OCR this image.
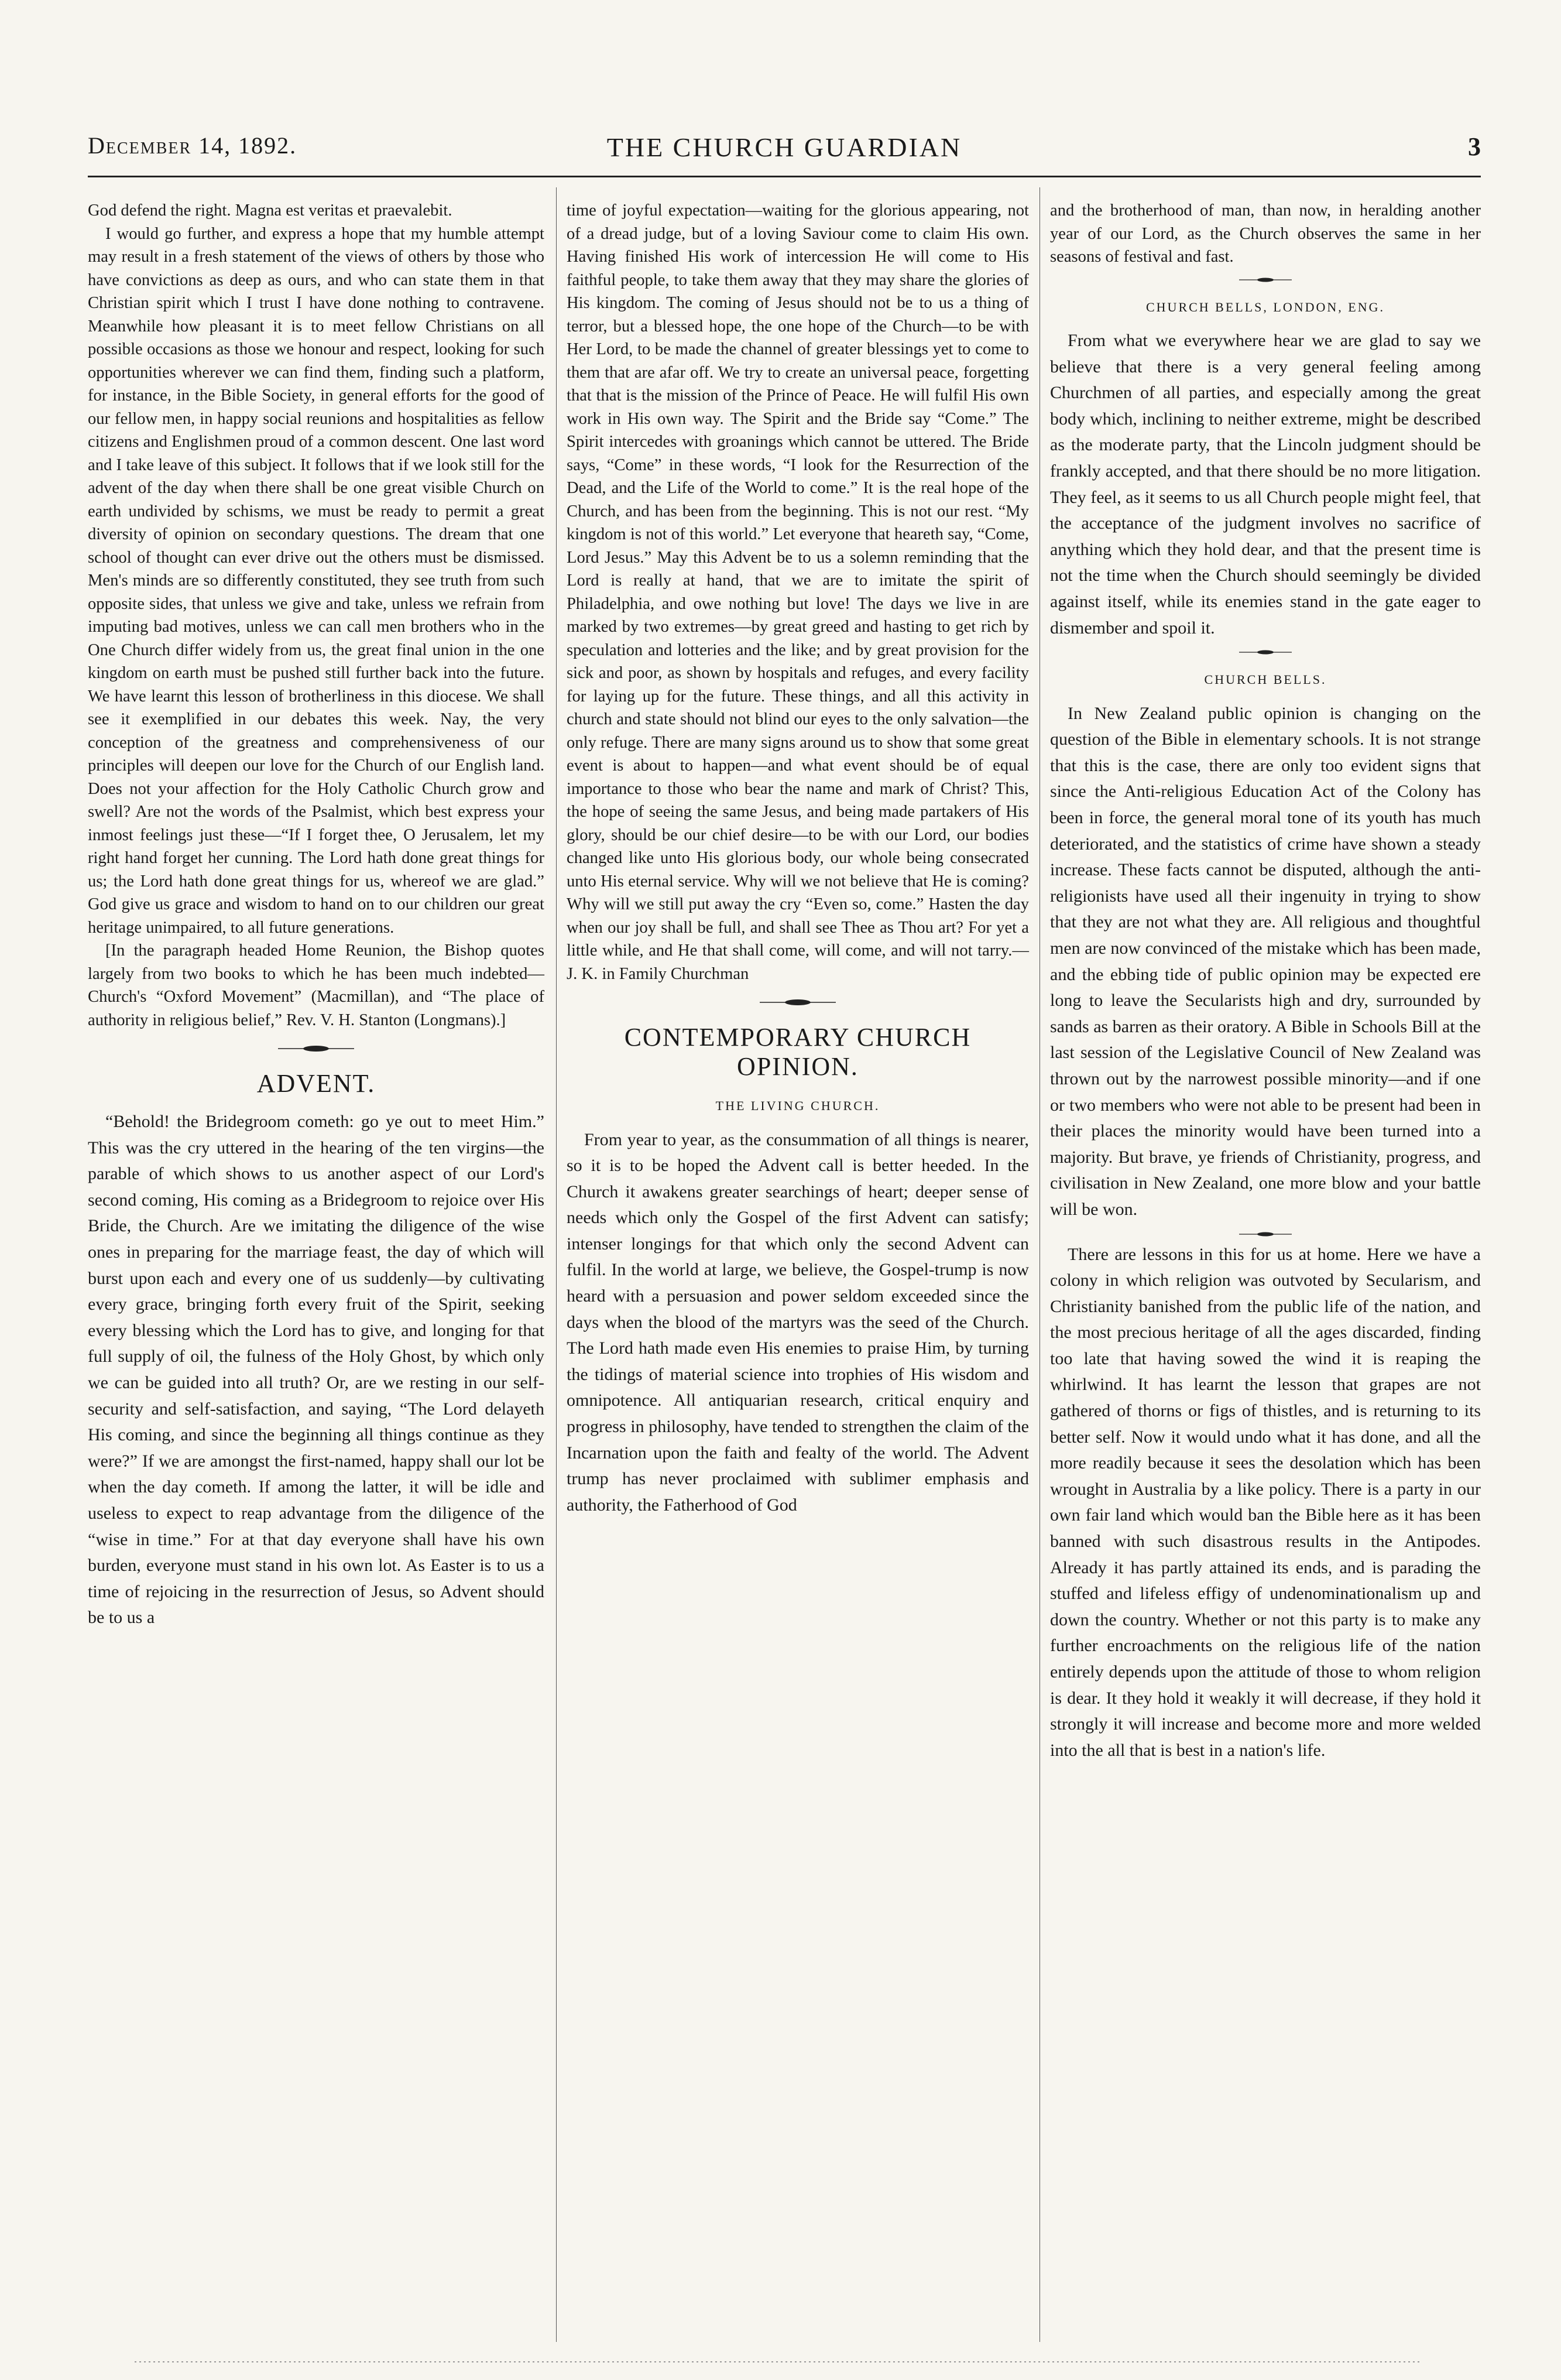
December 14, 1892.	THE CHURCH GUARDIAN	3

God defend the right. Magna est veritas et praevalebit.

I would go further, and express a hope that my humble attempt may result in a fresh statement of the views of others by those who have convictions as deep as ours, and who can state them in that Christian spirit which I trust I have done nothing to contravene. Meanwhile how pleasant it is to meet fellow Christians on all possible occasions as those we honour and respect, looking for such opportunities wherever we can find them, finding such a platform, for instance, in the Bible Society, in general efforts for the good of our fellow men, in happy social reunions and hospitalities as fellow citizens and Englishmen proud of a common descent. One last word and I take leave of this subject. It follows that if we look still for the advent of the day when there shall be one great visible Church on earth undivided by schisms, we must be ready to permit a great diversity of opinion on secondary questions. The dream that one school of thought can ever drive out the others must be dismissed. Men's minds are so differently constituted, they see truth from such opposite sides, that unless we give and take, unless we refrain from imputing bad motives, unless we can call men brothers who in the One Church differ widely from us, the great final union in the one kingdom on earth must be pushed still further back into the future. We have learnt this lesson of brotherliness in this diocese. We shall see it exemplified in our debates this week. Nay, the very conception of the greatness and comprehensiveness of our principles will deepen our love for the Church of our English land. Does not your affection for the Holy Catholic Church grow and swell? Are not the words of the Psalmist, which best express your inmost feelings just these—“If I forget thee, O Jerusalem, let my right hand forget her cunning. The Lord hath done great things for us; the Lord hath done great things for us, whereof we are glad.” God give us grace and wisdom to hand on to our children our great heritage unimpaired, to all future generations.

[In the paragraph headed Home Reunion, the Bishop quotes largely from two books to which he has been much indebted—Church's “Oxford Movement” (Macmillan), and “The place of authority in religious belief,” Rev. V. H. Stanton (Longmans).]

ADVENT.

“Behold! the Bridegroom cometh: go ye out to meet Him.” This was the cry uttered in the hearing of the ten virgins—the parable of which shows to us another aspect of our Lord's second coming, His coming as a Bridegroom to rejoice over His Bride, the Church. Are we imitating the diligence of the wise ones in preparing for the marriage feast, the day of which will burst upon each and every one of us suddenly—by cultivating every grace, bringing forth every fruit of the Spirit, seeking every blessing which the Lord has to give, and longing for that full supply of oil, the fulness of the Holy Ghost, by which only we can be guided into all truth? Or, are we resting in our self-security and self-satisfaction, and saying, “The Lord delayeth His coming, and since the beginning all things continue as they were?” If we are amongst the first-named, happy shall our lot be when the day cometh. If among the latter, it will be idle and useless to expect to reap advantage from the diligence of the “wise in time.” For at that day everyone shall have his own burden, everyone must stand in his own lot. As Easter is to us a time of rejoicing in the resurrection of Jesus, so Advent should be to us a

time of joyful expectation—waiting for the glorious appearing, not of a dread judge, but of a loving Saviour come to claim His own. Having finished His work of intercession He will come to His faithful people, to take them away that they may share the glories of His kingdom. The coming of Jesus should not be to us a thing of terror, but a blessed hope, the one hope of the Church—to be with Her Lord, to be made the channel of greater blessings yet to come to them that are afar off. We try to create an universal peace, forgetting that that is the mission of the Prince of Peace. He will fulfil His own work in His own way. The Spirit and the Bride say “Come.” The Spirit intercedes with groanings which cannot be uttered. The Bride says, “Come” in these words, “I look for the Resurrection of the Dead, and the Life of the World to come.” It is the real hope of the Church, and has been from the beginning. This is not our rest. “My kingdom is not of this world.” Let everyone that heareth say, “Come, Lord Jesus.” May this Advent be to us a solemn reminding that the Lord is really at hand, that we are to imitate the spirit of Philadelphia, and owe nothing but love! The days we live in are marked by two extremes—by great greed and hasting to get rich by speculation and lotteries and the like; and by great provision for the sick and poor, as shown by hospitals and refuges, and every facility for laying up for the future. These things, and all this activity in church and state should not blind our eyes to the only salvation—the only refuge. There are many signs around us to show that some great event is about to happen—and what event should be of equal importance to those who bear the name and mark of Christ? This, the hope of seeing the same Jesus, and being made partakers of His glory, should be our chief desire—to be with our Lord, our bodies changed like unto His glorious body, our whole being consecrated unto His eternal service. Why will we not believe that He is coming? Why will we still put away the cry “Even so, come.” Hasten the day when our joy shall be full, and shall see Thee as Thou art? For yet a little while, and He that shall come, will come, and will not tarry.—J. K. in Family Churchman

CONTEMPORARY CHURCH OPINION.
THE LIVING CHURCH.

From year to year, as the consummation of all things is nearer, so it is to be hoped the Advent call is better heeded. In the Church it awakens greater searchings of heart; deeper sense of needs which only the Gospel of the first Advent can satisfy; intenser longings for that which only the second Advent can fulfil. In the world at large, we believe, the Gospel-trump is now heard with a persuasion and power seldom exceeded since the days when the blood of the martyrs was the seed of the Church. The Lord hath made even His enemies to praise Him, by turning the tidings of material science into trophies of His wisdom and omnipotence. All antiquarian research, critical enquiry and progress in philosophy, have tended to strengthen the claim of the Incarnation upon the faith and fealty of the world. The Advent trump has never proclaimed with sublimer emphasis and authority, the Fatherhood of God

and the brotherhood of man, than now, in heralding another year of our Lord, as the Church observes the same in her seasons of festival and fast.

CHURCH BELLS, LONDON, ENG.

From what we everywhere hear we are glad to say we believe that there is a very general feeling among Churchmen of all parties, and especially among the great body which, inclining to neither extreme, might be described as the moderate party, that the Lincoln judgment should be frankly accepted, and that there should be no more litigation. They feel, as it seems to us all Church people might feel, that the acceptance of the judgment involves no sacrifice of anything which they hold dear, and that the present time is not the time when the Church should seemingly be divided against itself, while its enemies stand in the gate eager to dismember and spoil it.

CHURCH BELLS.

In New Zealand public opinion is changing on the question of the Bible in elementary schools. It is not strange that this is the case, there are only too evident signs that since the Anti-religious Education Act of the Colony has been in force, the general moral tone of its youth has much deteriorated, and the statistics of crime have shown a steady increase. These facts cannot be disputed, although the anti-religionists have used all their ingenuity in trying to show that they are not what they are. All religious and thoughtful men are now convinced of the mistake which has been made, and the ebbing tide of public opinion may be expected ere long to leave the Secularists high and dry, surrounded by sands as barren as their oratory. A Bible in Schools Bill at the last session of the Legislative Council of New Zealand was thrown out by the narrowest possible minority—and if one or two members who were not able to be present had been in their places the minority would have been turned into a majority. But brave, ye friends of Christianity, progress, and civilisation in New Zealand, one more blow and your battle will be won.

There are lessons in this for us at home. Here we have a colony in which religion was outvoted by Secularism, and Christianity banished from the public life of the nation, and the most precious heritage of all the ages discarded, finding too late that having sowed the wind it is reaping the whirlwind. It has learnt the lesson that grapes are not gathered of thorns or figs of thistles, and is returning to its better self. Now it would undo what it has done, and all the more readily because it sees the desolation which has been wrought in Australia by a like policy. There is a party in our own fair land which would ban the Bible here as it has been banned with such disastrous results in the Antipodes. Already it has partly attained its ends, and is parading the stuffed and lifeless effigy of undenominationalism up and down the country. Whether or not this party is to make any further encroachments on the religious life of the nation entirely depends upon the attitude of those to whom religion is dear. It they hold it weakly it will decrease, if they hold it strongly it will increase and become more and more welded into the all that is best in a nation's life.
